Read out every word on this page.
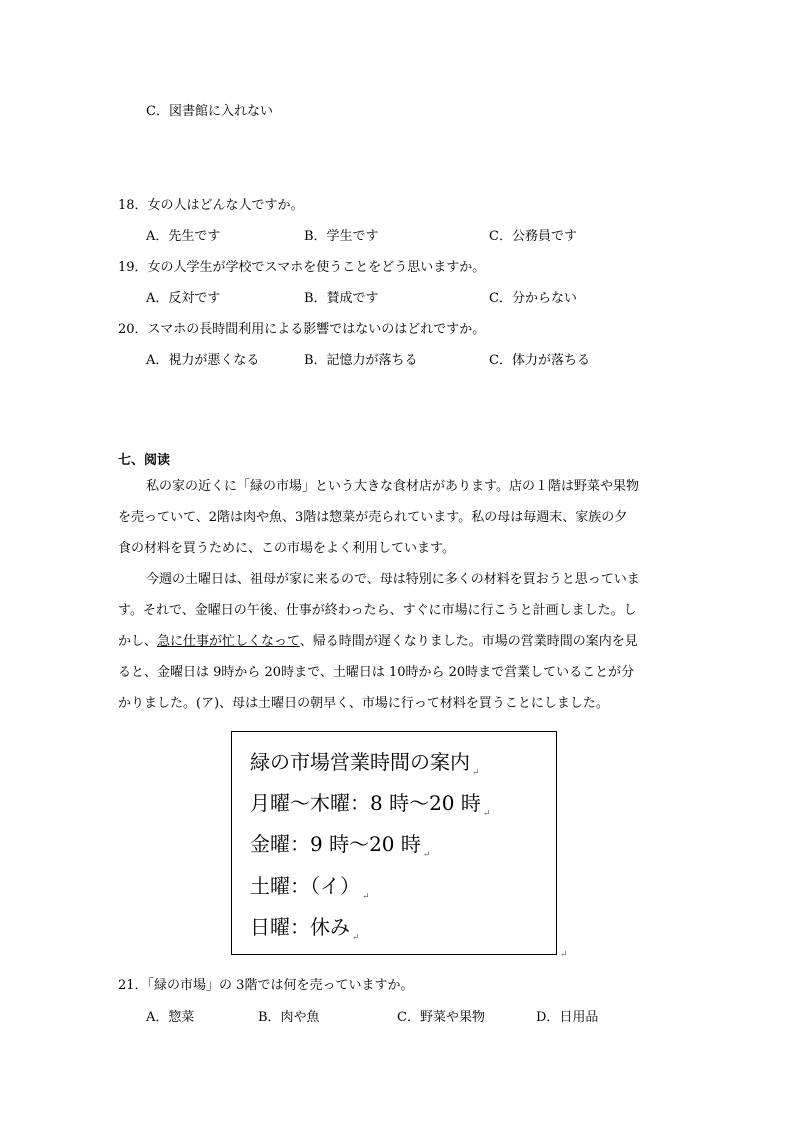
C．図書館に入れない
18．女の人はどんな人ですか。
A．先生です	B．学生です	C．公務員です
19．女の人学生が学校でスマホを使うことをどう思いますか。
A．反対です	B．賛成です	C．分からない
20．スマホの長時間利用による影響ではないのはどれですか。
A．視力が悪くなる	B．記憶力が落ちる	C．体力が落ちる
七、阅读
私の家の近くに「緑の市場」という大きな食材店があります。店の１階は野菜や果物
を売っていて、2階は肉や魚、3階は惣菜が売られています。私の母は毎週末、家族の夕
食の材料を買うために、この市場をよく利用しています。
今週の土曜日は、祖母が家に来るので、母は特別に多くの材料を買おうと思っていま
す。それで、金曜日の午後、仕事が終わったら、すぐに市場に行こうと計画しました。し
かし、急に仕事が忙しくなって、帰る時間が遅くなりました。市場の営業時間の案内を見
ると、金曜日は 9時から 20時まで、土曜日は 10時から 20時まで営業していることが分
かりました。(ア)、母は土曜日の朝早く、市場に行って材料を買うことにしました。
緑の市場営業時間の案内 $_↵$
月曜～木曜：8 時～20 時 $_↵$
金曜：9 時～20 時 $_↵$
土曜：（イ） $_↵$
日曜：休み $_↵$
↵
21．「緑の市場」の 3階では何を売っていますか。
A．惣菜	B．肉や魚	C．野菜や果物	D．日用品
